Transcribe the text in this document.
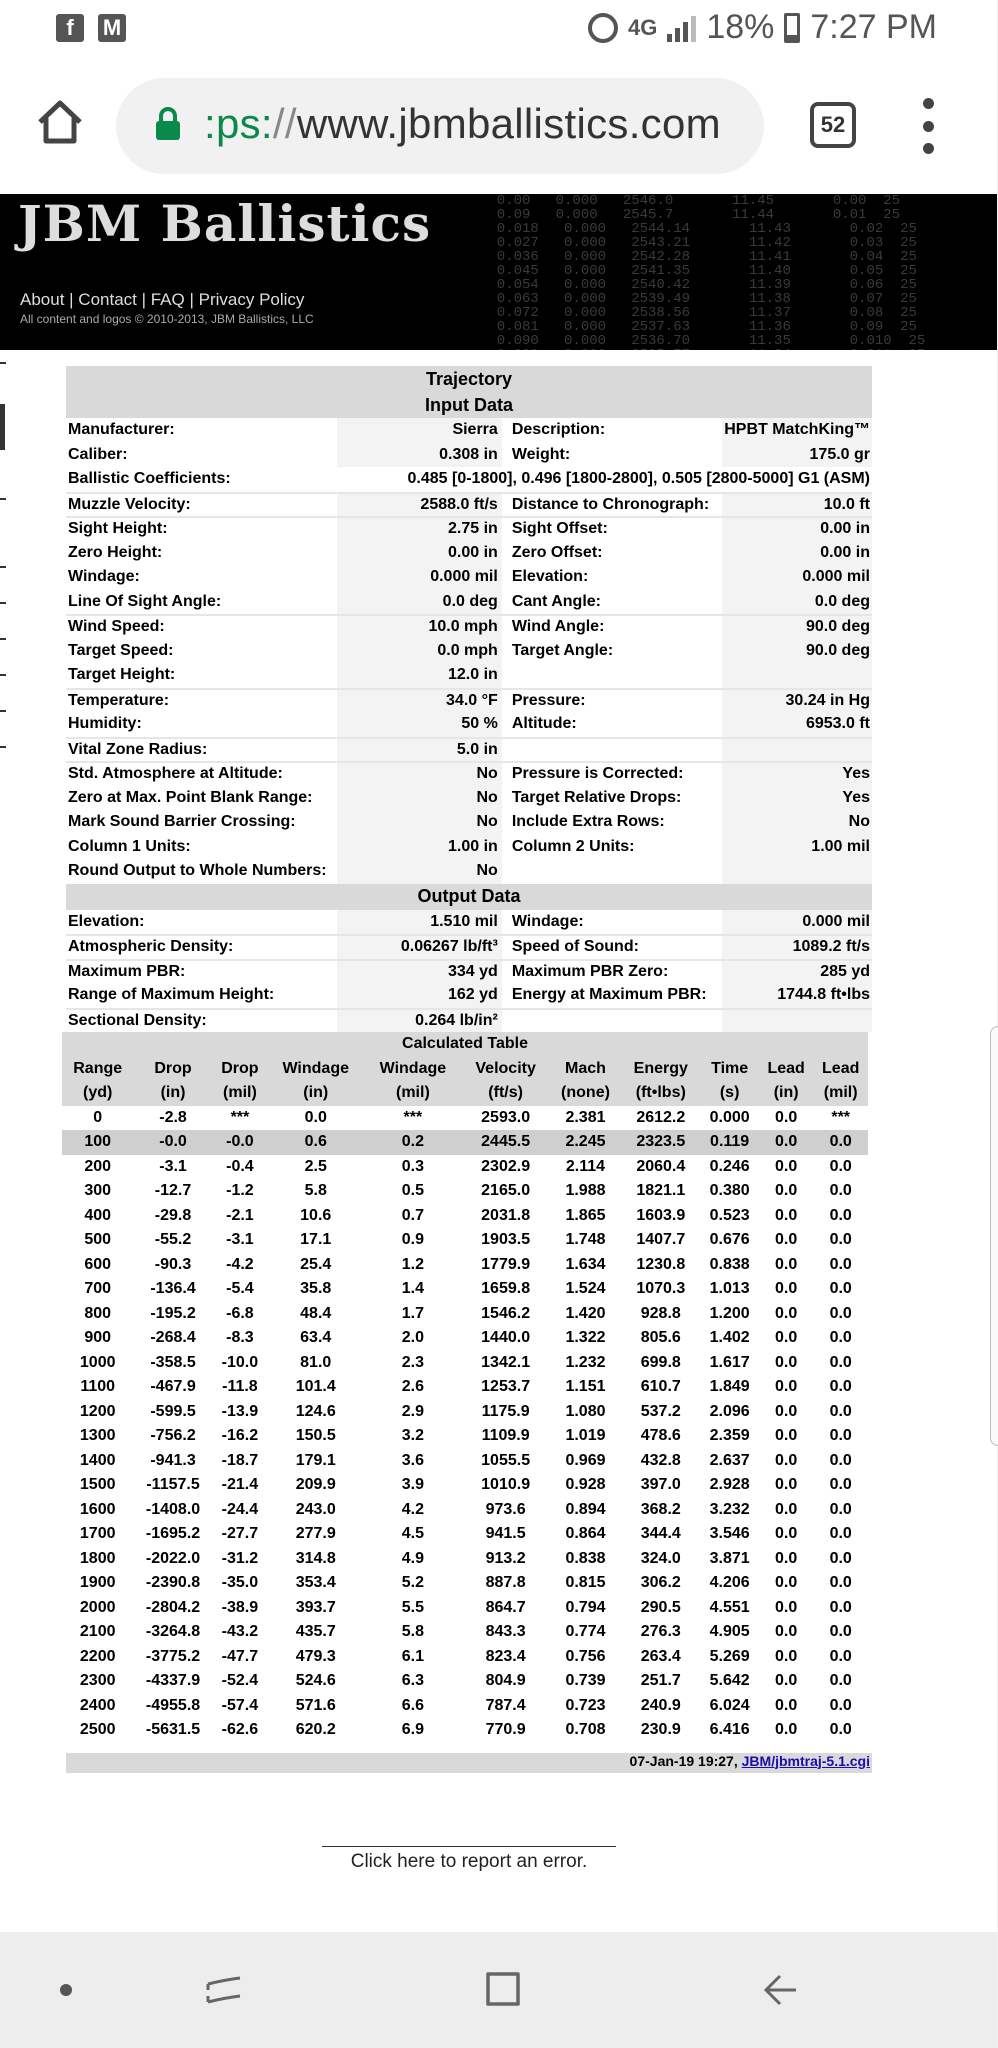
f	M	4G 18% 7:27 PM
:ps://www.jbmballistics.com	52
0.00   0.000   2546.0       11.45       0.00  25
0.09   0.000   2545.7       11.44       0.01  25
0.018   0.000   2544.14       11.43       0.02  25
0.027   0.000   2543.21       11.42       0.03  25
0.036   0.000   2542.28       11.41       0.04  25
0.045   0.000   2541.35       11.40       0.05  25
0.054   0.000   2540.42       11.39       0.06  25
0.063   0.000   2539.49       11.38       0.07  25
0.072   0.000   2538.56       11.37       0.08  25
0.081   0.000   2537.63       11.36       0.09  25
0.090   0.000   2536.70       11.35       0.010  25

JBM Ballistics
About | Contact | FAQ | Privacy Policy
All content and logos © 2010-2013, JBM Ballistics, LLC
Trajectory			
Input Data			
Manufacturer:	Sierra	Description:	HPBT MatchKing™
Caliber:	0.308 in	Weight:	175.0 gr
Ballistic Coefficients:	0.485 [0-1800], 0.496 [1800-2800], 0.505 [2800-5000] G1 (ASM)		
Muzzle Velocity:	2588.0 ft/s	Distance to Chronograph:	10.0 ft
Sight Height:	2.75 in	Sight Offset:	0.00 in
Zero Height:	0.00 in	Zero Offset:	0.00 in
Windage:	0.000 mil	Elevation:	0.000 mil
Line Of Sight Angle:	0.0 deg	Cant Angle:	0.0 deg
Wind Speed:	10.0 mph	Wind Angle:	90.0 deg
Target Speed:	0.0 mph	Target Angle:	90.0 deg
Target Height:	12.0 in		
Temperature:	34.0 °F	Pressure:	30.24 in Hg
Humidity:	50 %	Altitude:	6953.0 ft
Vital Zone Radius:	5.0 in		
Std. Atmosphere at Altitude:	No	Pressure is Corrected:	Yes
Zero at Max. Point Blank Range:	No	Target Relative Drops:	Yes
Mark Sound Barrier Crossing:	No	Include Extra Rows:	No
Column 1 Units:	1.00 in	Column 2 Units:	1.00 mil
Round Output to Whole Numbers:	No		
Output Data			
Elevation:	1.510 mil	Windage:	0.000 mil
Atmospheric Density:	0.06267 lb/ft³	Speed of Sound:	1089.2 ft/s
Maximum PBR:	334 yd	Maximum PBR Zero:	285 yd
Range of Maximum Height:	162 yd	Energy at Maximum PBR:	1744.8 ft•lbs
Sectional Density:	0.264 lb/in²		
Calculated Table										
Range	Drop	Drop	Windage	Windage	Velocity	Mach	Energy	Time	Lead	Lead
(yd)	(in)	(mil)	(in)	(mil)	(ft/s)	(none)	(ft•lbs)	(s)	(in)	(mil)
0	-2.8	***	0.0	***	2593.0	2.381	2612.2	0.000	0.0	***
100	-0.0	-0.0	0.6	0.2	2445.5	2.245	2323.5	0.119	0.0	0.0
200	-3.1	-0.4	2.5	0.3	2302.9	2.114	2060.4	0.246	0.0	0.0
300	-12.7	-1.2	5.8	0.5	2165.0	1.988	1821.1	0.380	0.0	0.0
400	-29.8	-2.1	10.6	0.7	2031.8	1.865	1603.9	0.523	0.0	0.0
500	-55.2	-3.1	17.1	0.9	1903.5	1.748	1407.7	0.676	0.0	0.0
600	-90.3	-4.2	25.4	1.2	1779.9	1.634	1230.8	0.838	0.0	0.0
700	-136.4	-5.4	35.8	1.4	1659.8	1.524	1070.3	1.013	0.0	0.0
800	-195.2	-6.8	48.4	1.7	1546.2	1.420	928.8	1.200	0.0	0.0
900	-268.4	-8.3	63.4	2.0	1440.0	1.322	805.6	1.402	0.0	0.0
1000	-358.5	-10.0	81.0	2.3	1342.1	1.232	699.8	1.617	0.0	0.0
1100	-467.9	-11.8	101.4	2.6	1253.7	1.151	610.7	1.849	0.0	0.0
1200	-599.5	-13.9	124.6	2.9	1175.9	1.080	537.2	2.096	0.0	0.0
1300	-756.2	-16.2	150.5	3.2	1109.9	1.019	478.6	2.359	0.0	0.0
1400	-941.3	-18.7	179.1	3.6	1055.5	0.969	432.8	2.637	0.0	0.0
1500	-1157.5	-21.4	209.9	3.9	1010.9	0.928	397.0	2.928	0.0	0.0
1600	-1408.0	-24.4	243.0	4.2	973.6	0.894	368.2	3.232	0.0	0.0
1700	-1695.2	-27.7	277.9	4.5	941.5	0.864	344.4	3.546	0.0	0.0
1800	-2022.0	-31.2	314.8	4.9	913.2	0.838	324.0	3.871	0.0	0.0
1900	-2390.8	-35.0	353.4	5.2	887.8	0.815	306.2	4.206	0.0	0.0
2000	-2804.2	-38.9	393.7	5.5	864.7	0.794	290.5	4.551	0.0	0.0
2100	-3264.8	-43.2	435.7	5.8	843.3	0.774	276.3	4.905	0.0	0.0
2200	-3775.2	-47.7	479.3	6.1	823.4	0.756	263.4	5.269	0.0	0.0
2300	-4337.9	-52.4	524.6	6.3	804.9	0.739	251.7	5.642	0.0	0.0
2400	-4955.8	-57.4	571.6	6.6	787.4	0.723	240.9	6.024	0.0	0.0
2500	-5631.5	-62.6	620.2	6.9	770.9	0.708	230.9	6.416	0.0	0.0
07-Jan-19 19:27, JBM/jbmtraj-5.1.cgi
Click here to report an error.
